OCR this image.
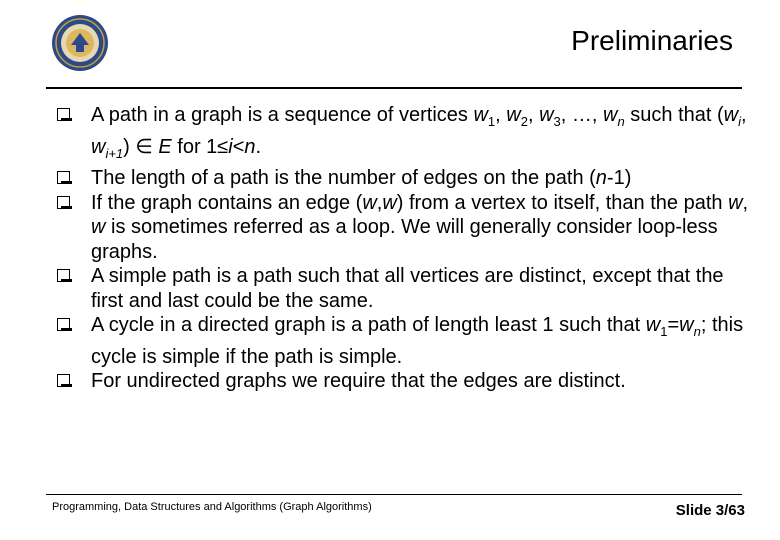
Preliminaries
A path in a graph is a sequence of vertices $w_1$, $w_2$, $w_3$, …, $w_n$ such that ($w_i$, $w_{i+1}$) ∈ E for 1≤i<n.
The length of a path is the number of edges on the path (n-1)
If the graph contains an edge (w,w) from a vertex to itself, than the path w, w is sometimes referred as a loop. We will generally consider loop-less graphs.
A simple path is a path such that all vertices are distinct, except that the first and last could be the same.
A cycle in a directed graph is a path of length least 1 such that $w_1=w_n$; this cycle is simple if the path is simple.
For undirected graphs we require that the edges are distinct.
Programming, Data Structures and Algorithms (Graph Algorithms)	Slide 3/63
